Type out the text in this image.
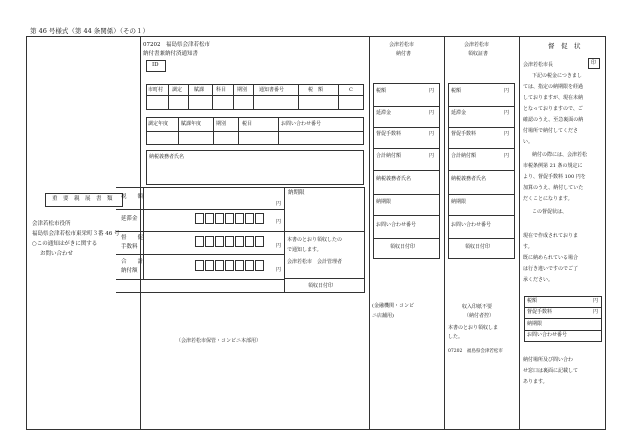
第 46 号様式（第 44 条関係）（その１）
重　要　親　展　書　類
会津若松市役所
福島県会津若松市東栄町３番 46 号
○この通知はがきに関する
お問い合わせ
07202　福島県会津若松市
納付書兼納付済通知書
ID
市町村 調定 賦課 科目 期別 通知書番号	税　額	C
調定年度	賦課年度	期別	税目	お問い合わせ番号
納税義務者氏名
税　　額
円
延滞金	円
督　　促
手数料	円
合　　計
納付額	円
納期限
本書のとおり領収したの
で通知します。
会津若松市　会計管理者
領収日付印
（会津若松市保管・コンビニ本部用）
会津若松市
納付書
税額	円
延滞金	円
督促手数料	円
合計納付額	円
納税義務者氏名
納期限
お問い合わせ番号
領収日付印
(金融機関・コンビ
ニ店舗用)
会津若松市
領収証書
税額	円
延滞金	円
督促手数料	円
合計納付額	円
納税義務者氏名
納期限
お問い合わせ番号
領収日付印
収入印紙不要
（納付者控）
本書のとおり領収しま
した。
07202　福島県会津若松市
督　促　状
会津若松市長	印
下記の税金につきまし
ては、指定の納期限を経過
しておりますが、現在未納
となっておりますので、ご
確認のうえ、至急裏面の納
付場所で納付してくださ
い。
納付の際には、会津若松
市税条例第 21 条の規定に
より、督促手数料 100 円を
加算のうえ、納付していた
だくことになります。
この督促状は、
現在で作成されておりま
す。
既に納められている場合
は行き違いですのでご了
承ください。
税額	円
督促手数料	円
納期限
お問い合わせ番号
納付場所及び問い合わ
せ窓口は裏面に記載して
あります。
